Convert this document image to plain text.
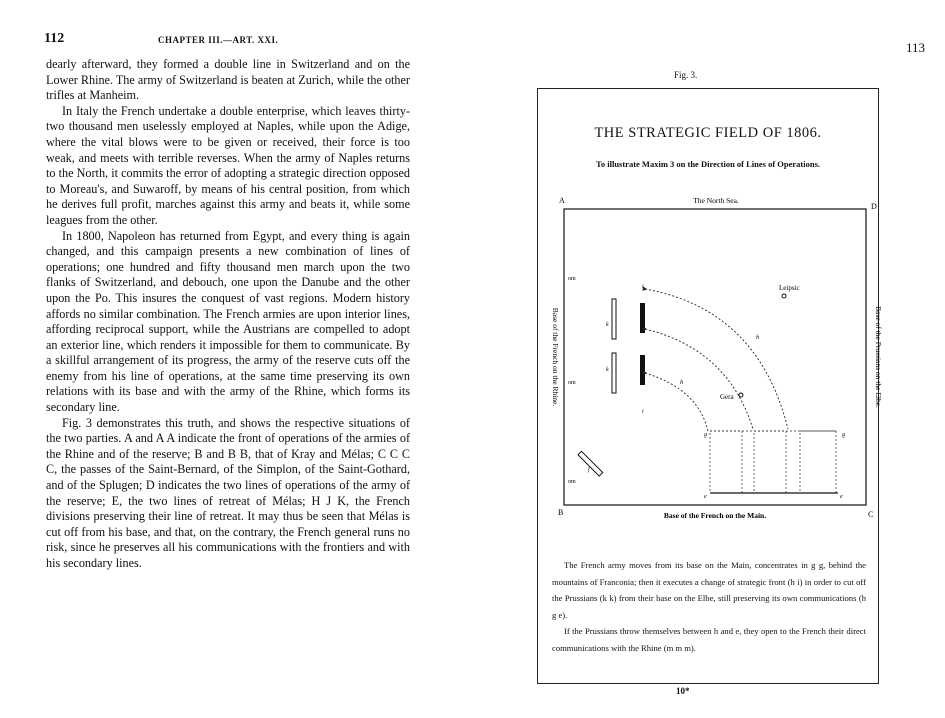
112	CHAPTER III.—ART. XXI.

dearly afterward, they formed a double line in Switzerland and on the Lower Rhine. The army of Switzerland is beaten at Zurich, while the other trifles at Manheim.

In Italy the French undertake a double enterprise, which leaves thirty-two thousand men uselessly employed at Naples, while upon the Adige, where the vital blows were to be given or received, their force is too weak, and meets with terrible reverses. When the army of Naples returns to the North, it commits the error of adopting a strategic direction opposed to Moreau's, and Suwaroff, by means of his central position, from which he derives full profit, marches against this army and beats it, while some leagues from the other.

In 1800, Napoleon has returned from Egypt, and every thing is again changed, and this campaign presents a new combination of lines of operations; one hundred and fifty thousand men march upon the two flanks of Switzerland, and debouch, one upon the Danube and the other upon the Po. This insures the conquest of vast regions. Modern history affords no similar combination. The French armies are upon interior lines, affording reciprocal support, while the Austrians are compelled to adopt an exterior line, which renders it impossible for them to communicate. By a skillful arrangement of its progress, the army of the reserve cuts off the enemy from his line of operations, at the same time preserving its own relations with its base and with the army of the Rhine, which forms its secondary line.

Fig. 3 demonstrates this truth, and shows the respective situations of the two parties. A and A A indicate the front of operations of the armies of the Rhine and of the reserve; B and B B, that of Kray and Mélas; C C C C, the passes of the Saint-Bernard, of the Simplon, of the Saint-Gothard, and of the Splugen; D indicates the two lines of operations of the army of the reserve; E, the two lines of retreat of Mélas; H J K, the French divisions preserving their line of retreat. It may thus be seen that Mélas is cut off from his base, and that, on the contrary, the French general runs no risk, since he preserves all his communications with the frontiers and with his secondary lines.

113
Fig. 3.
THE STRATEGIC FIELD OF 1806.
To illustrate Maxim 3 on the Direction of Lines of Operations.
A
D
B	C
The North Sea.
Base of the French on the Main.
Base of the French on the Rhine.	Base of the Prussians on the Elbe.
om
om
om
Leipsic
Gera
k
k
i
i
h
h
g	g
e	e
f

The French army moves from its base on the Main, concentrates in g g, behind the mountains of Franconia; then it executes a change of strategic front (h i) in order to cut off the Prussians (k k) from their base on the Elbe, still preserving its own communications (h g e).

If the Prussians throw themselves between h and e, they open to the French their direct communications with the Rhine (m m m).

10*
